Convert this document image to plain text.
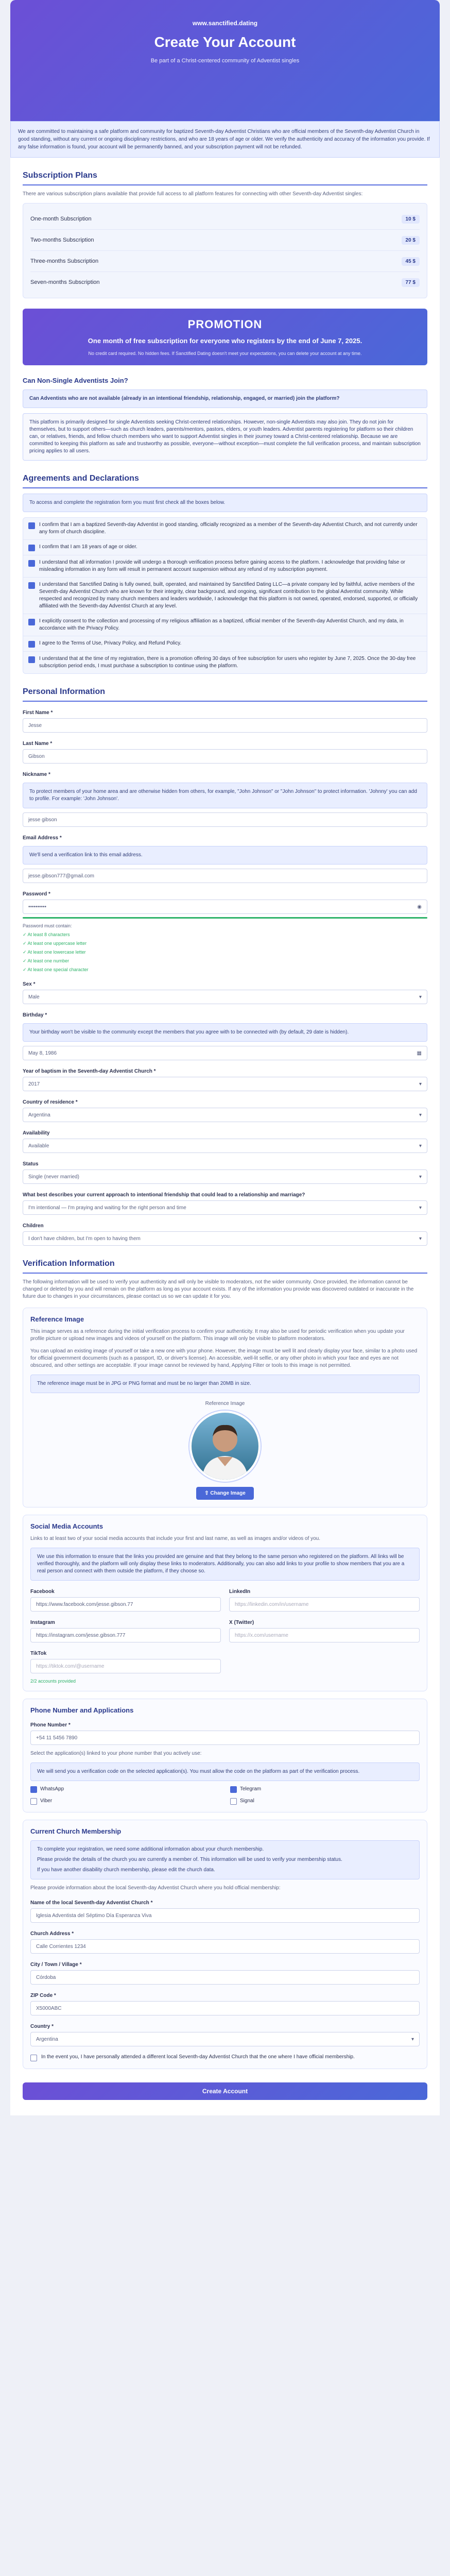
www.sanctified.dating
Create Your Account
Be part of a Christ-centered community of Adventist singles
We are committed to maintaining a safe platform and community for baptized Seventh-day Adventist Christians who are official members of the Seventh-day Adventist Church in good standing, without any current or ongoing disciplinary restrictions, and who are 18 years of age or older. We verify the authenticity and accuracy of the information you provide. If any false information is found, your account will be permanently banned, and your subscription payment will not be refunded.
Subscription Plans

There are various subscription plans available that provide full access to all platform features for connecting with other Seventh-day Adventist singles:

One-month Subscription	10 $
Two-months Subscription	20 $
Three-months Subscription	45 $
Seven-months Subscription	77 $
PROMOTION
One month of free subscription for everyone who registers by the end of June 7, 2025.
No credit card required. No hidden fees. If Sanctified Dating doesn't meet your expectations, you can delete your account at any time.
Can Non-Single Adventists Join?
Can Adventists who are not available (already in an intentional friendship, relationship, engaged, or married) join the platform?
This platform is primarily designed for single Adventists seeking Christ-centered relationships. However, non-single Adventists may also join. They do not join for themselves, but to support others—such as church leaders, parents/mentors, pastors, elders, or youth leaders. Adventist parents registering for platform so their children can, or relatives, friends, and fellow church members who want to support Adventist singles in their journey toward a Christ-centered relationship. Because we are committed to keeping this platform as safe and trustworthy as possible, everyone—without exception—must complete the full verification process, and maintain subscription pricing applies to all users.
Agreements and Declarations
To access and complete the registration form you must first check all the boxes below.
I confirm that I am a baptized Seventh-day Adventist in good standing, officially recognized as a member of the Seventh-day Adventist Church, and not currently under any form of church discipline.
I confirm that I am 18 years of age or older.
I understand that all information I provide will undergo a thorough verification process before gaining access to the platform. I acknowledge that providing false or misleading information in any form will result in permanent account suspension without any refund of my subscription payment.
I understand that Sanctified Dating is fully owned, built, operated, and maintained by Sanctified Dating LLC—a private company led by faithful, active members of the Seventh-day Adventist Church who are known for their integrity, clear background, and ongoing, significant contribution to the global Adventist community. While respected and recognized by many church members and leaders worldwide, I acknowledge that this platform is not owned, operated, endorsed, supported, or officially affiliated with the Seventh-day Adventist Church at any level.
I explicitly consent to the collection and processing of my religious affiliation as a baptized, official member of the Seventh-day Adventist Church, and my data, in accordance with the Privacy Policy.
I agree to the Terms of Use, Privacy Policy, and Refund Policy.
I understand that at the time of my registration, there is a promotion offering 30 days of free subscription for users who register by June 7, 2025. Once the 30-day free subscription period ends, I must purchase a subscription to continue using the platform.
Personal Information
First Name *
Jesse
Last Name *
Gibson
Nickname *
To protect members of your home area and are otherwise hidden from others, for example, "John Johnson" or "John Johnson" to protect information. 'Johnny' you can add to profile. For example: 'John Johnson'.
jesse gibson
Email Address *
We'll send a verification link to this email address.
jesse.gibson777@gmail.com
Password *
••••••••••	◉
Password must contain:
✓ At least 8 characters
✓ At least one uppercase letter
✓ At least one lowercase letter
✓ At least one number
✓ At least one special character
Sex *
Male	▾
Birthday *
Your birthday won't be visible to the community except the members that you agree with to be connected with (by default, 29 date is hidden).
May 8, 1986	▦
Year of baptism in the Seventh-day Adventist Church *
2017	▾
Country of residence *
Argentina	▾
Availability
Available	▾
Status
Single (never married)	▾
What best describes your current approach to intentional friendship that could lead to a relationship and marriage?
I'm intentional — I'm praying and waiting for the right person and time	▾
Children
I don't have children, but I'm open to having them	▾
Verification Information

The following information will be used to verify your authenticity and will only be visible to moderators, not the wider community. Once provided, the information cannot be changed or deleted by you and will remain on the platform as long as your account exists. If any of the information you provide was discovered outdated or inaccurate in the future due to changes in your circumstances, please contact us so we can update it for you.

Reference Image

This image serves as a reference during the initial verification process to confirm your authenticity. It may also be used for periodic verification when you update your profile picture or upload new images and videos of yourself on the platform. This image will only be visible to platform moderators.

You can upload an existing image of yourself or take a new one with your phone. However, the image must be well lit and clearly display your face, similar to a photo used for official government documents (such as a passport, ID, or driver's license). An accessible, well-lit selfie, or any other photo in which your face and eyes are not obscured, and other settings are acceptable. If your image cannot be reviewed by hand, Applying Filter or tools to this image is not permitted.

The reference image must be in JPG or PNG format and must be no larger than 20MB in size.
Reference Image
⇧ Change Image
Social Media Accounts

Links to at least two of your social media accounts that include your first and last name, as well as images and/or videos of you.

We use this information to ensure that the links you provided are genuine and that they belong to the same person who registered on the platform. All links will be verified thoroughly, and the platform will only display these links to moderators. Additionally, you can also add links to your profile to show members that you are a real person and connect with them outside the platform, if they choose so.
Facebook
https://www.facebook.com/jesse.gibson.77
LinkedIn
https://linkedin.com/in/username
Instagram
https://instagram.com/jesse.gibson.777
X (Twitter)
https://x.com/username
TikTok
https://tiktok.com/@username
2/2 accounts provided
Phone Number and Applications
Phone Number *
+54 11 5456 7890

Select the application(s) linked to your phone number that you actively use:

We will send you a verification code on the selected application(s). You must allow the code on the platform as part of the verification process.
WhatsApp	Telegram
Viber	Signal
Current Church Membership
To complete your registration, we need some additional information about your church membership.
Please provide the details of the church you are currently a member of. This information will be used to verify your membership status.
If you have another disability church membership, please edit the church data.

Please provide information about the local Seventh-day Adventist Church where you hold official membership:

Name of the local Seventh-day Adventist Church *
Iglesia Adventista del Séptimo Día Esperanza Viva
Church Address *
Calle Corrientes 1234
City / Town / Village *
Córdoba
ZIP Code *
X5000ABC
Country *
Argentina	▾
In the event you, I have personally attended a different local Seventh-day Adventist Church that the one where I have official membership.
Create Account
